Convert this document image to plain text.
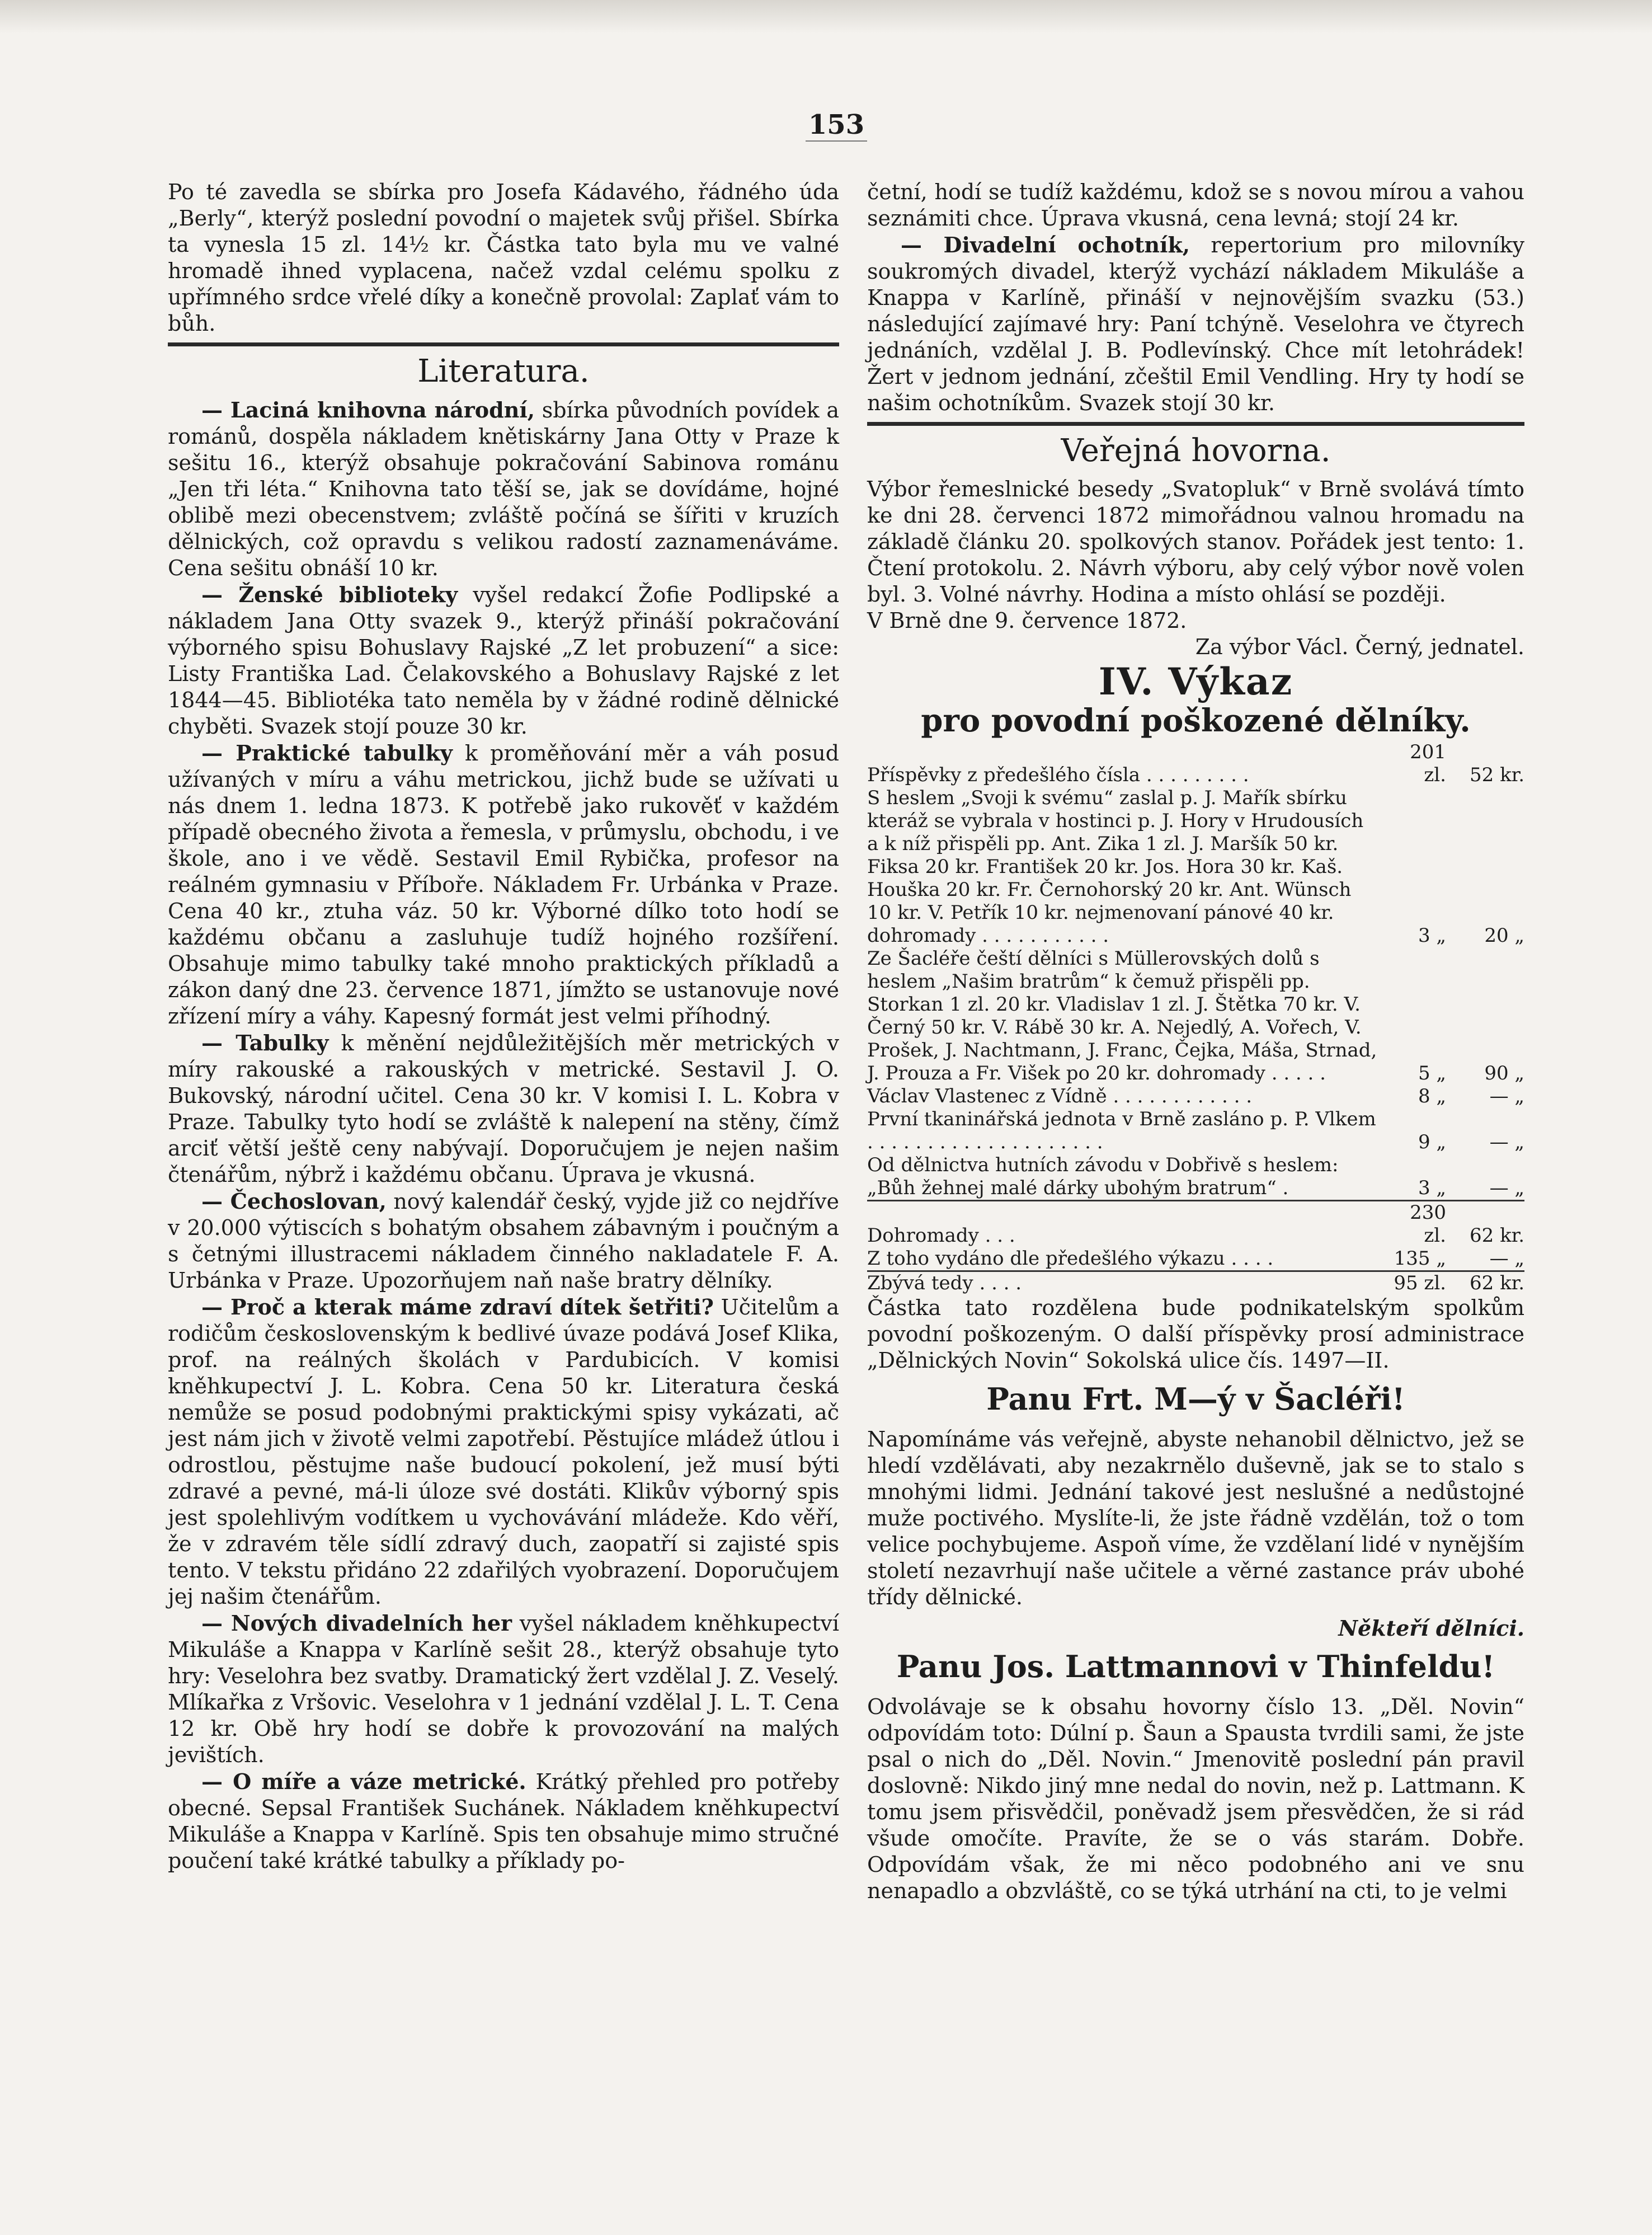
153

Po té zavedla se sbírka pro Josefa Kádavého, řádného úda „Berly“, kterýž poslední povodní o majetek svůj přišel. Sbírka ta vynesla 15 zl. 14½ kr. Částka tato byla mu ve valné hromadě ihned vyplacena, načež vzdal celému spolku z upřímného srdce vřelé díky a konečně provolal: Zaplať vám to bůh.

Literatura.

— Laciná knihovna národní, sbírka původních povídek a románů, dospěla nákladem knětiskárny Jana Otty v Praze k sešitu 16., kterýž obsahuje pokračování Sabinova románu „Jen tři léta.“ Knihovna tato těší se, jak se dovídáme, hojné oblibě mezi obecenstvem; zvláště počíná se šířiti v kruzích dělnických, což opravdu s velikou radostí zaznamenáváme. Cena sešitu obnáší 10 kr.

— Ženské biblioteky vyšel redakcí Žofie Podlipské a nákladem Jana Otty svazek 9., kterýž přináší pokračování výborného spisu Bohuslavy Rajské „Z let probuzení“ a sice: Listy Františka Lad. Čelakovského a Bohuslavy Rajské z let 1844—45. Bibliotéka tato neměla by v žádné rodině dělnické chyběti. Svazek stojí pouze 30 kr.

— Praktické tabulky k proměňování měr a váh posud užívaných v míru a váhu metrickou, jichž bude se užívati u nás dnem 1. ledna 1873. K potřebě jako rukověť v každém případě obecného života a řemesla, v průmyslu, obchodu, i ve škole, ano i ve vědě. Sestavil Emil Rybička, profesor na reálném gymnasiu v Příboře. Nákladem Fr. Urbánka v Praze. Cena 40 kr., ztuha váz. 50 kr. Výborné dílko toto hodí se každému občanu a zasluhuje tudíž hojného rozšíření. Obsahuje mimo tabulky také mnoho praktických příkladů a zákon daný dne 23. července 1871, jímžto se ustanovuje nové zřízení míry a váhy. Kapesný formát jest velmi příhodný.

— Tabulky k měnění nejdůležitějších měr metrických v míry rakouské a rakouských v metrické. Sestavil J. O. Bukovský, národní učitel. Cena 30 kr. V komisi I. L. Kobra v Praze. Tabulky tyto hodí se zvláště k nalepení na stěny, čímž arciť větší ještě ceny nabývají. Doporučujem je nejen našim čtenářům, nýbrž i každému občanu. Úprava je vkusná.

— Čechoslovan, nový kalendář český, vyjde již co nejdříve v 20.000 výtiscích s bohatým obsahem zábavným i poučným a s četnými illustracemi nákladem činného nakladatele F. A. Urbánka v Praze. Upozorňujem naň naše bratry dělníky.

— Proč a kterak máme zdraví dítek šetřiti? Učitelům a rodičům československým k bedlivé úvaze podává Josef Klika, prof. na reálných školách v Pardubicích. V komisi kněhkupectví J. L. Kobra. Cena 50 kr. Literatura česká nemůže se posud podobnými praktickými spisy vykázati, ač jest nám jich v životě velmi zapotřebí. Pěstujíce mládež útlou i odrostlou, pěstujme naše budoucí pokolení, jež musí býti zdravé a pevné, má-li úloze své dostáti. Klikův výborný spis jest spolehlivým vodítkem u vychovávání mládeže. Kdo věří, že v zdravém těle sídlí zdravý duch, zaopatří si zajisté spis tento. V tekstu přidáno 22 zdařilých vyobrazení. Doporučujem jej našim čtenářům.

— Nových divadelních her vyšel nákladem kněhkupectví Mikuláše a Knappa v Karlíně sešit 28., kterýž obsahuje tyto hry: Veselohra bez svatby. Dramatický žert vzdělal J. Z. Veselý. Mlíkařka z Vršovic. Veselohra v 1 jednání vzdělal J. L. T. Cena 12 kr. Obě hry hodí se dobře k provozování na malých jevištích.

— O míře a váze metrické. Krátký přehled pro potřeby obecné. Sepsal František Suchánek. Nákladem kněhkupectví Mikuláše a Knappa v Karlíně. Spis ten obsahuje mimo stručné poučení také krátké tabulky a příklady po-

četní, hodí se tudíž každému, kdož se s novou mírou a vahou seznámiti chce. Úprava vkusná, cena levná; stojí 24 kr.

— Divadelní ochotník, repertorium pro milovníky soukromých divadel, kterýž vychází nákladem Mikuláše a Knappa v Karlíně, přináší v nejnovějším svazku (53.) následující zajímavé hry: Paní tchýně. Veselohra ve čtyrech jednáních, vzdělal J. B. Podlevínský. Chce mít letohrádek! Žert v jednom jednání, zčeštil Emil Vendling. Hry ty hodí se našim ochotníkům. Svazek stojí 30 kr.

Veřejná hovorna.

Výbor řemeslnické besedy „Svatopluk“ v Brně svolává tímto ke dni 28. červenci 1872 mimořádnou valnou hromadu na základě článku 20. spolkových stanov. Pořádek jest tento: 1. Čtení protokolu. 2. Návrh výboru, aby celý výbor nově volen byl. 3. Volné návrhy. Hodina a místo ohlásí se později.

V Brně dne 9. července 1872.

Za výbor Václ. Černý, jednatel.

IV. Výkaz
pro povodní poškozené dělníky.
Příspěvky z předešlého čísla . . . . . . . . .	201 zl.	52 kr.
S heslem „Svoji k svému“ zaslal p. J. Mařík sbírku kteráž se vybrala v hostinci p. J. Hory v Hrudousích a k níž přispěli pp. Ant. Zika 1 zl. J. Maršík 50 kr. Fiksa 20 kr. František 20 kr. Jos. Hora 30 kr. Kaš. Houška 20 kr. Fr. Černohorský 20 kr. Ant. Wünsch 10 kr. V. Petřík 10 kr. nejmenovaní pánové 40 kr. dohromady . . . . . . . . . . .	3 „	20 „
Ze Šacléře čeští dělníci s Müllerovských dolů s heslem „Našim bratrům“ k čemuž přispěli pp. Storkan 1 zl. 20 kr. Vladislav 1 zl. J. Štětka 70 kr. V. Černý 50 kr. V. Rábě 30 kr. A. Nejedlý, A. Vořech, V. Prošek, J. Nachtmann, J. Franc, Čejka, Máša, Strnad, J. Prouza a Fr. Višek po 20 kr. dohromady . . . . .	5 „	90 „
Václav Vlastenec z Vídně . . . . . . . . . . . .	8 „	— „
První tkaninářská jednota v Brně zasláno p. P. Vlkem . . . . . . . . . . . . . . . . . . . .	9 „	— „
Od dělnictva hutních závodu v Dobřivě s heslem: „Bůh žehnej malé dárky ubohým bratrum“ .	3 „	— „
Dohromady . . .	230 zl.	62 kr.
Z toho vydáno dle předešlého výkazu . . . .	135 „	— „
Zbývá tedy . . . .	95 zl.	62 kr.

Částka tato rozdělena bude podnikatelským spolkům povodní poškozeným. O další příspěvky prosí administrace „Dělnických Novin“ Sokolská ulice čís. 1497—II.

Panu Frt. M—ý v Šacléři!

Napomínáme vás veřejně, abyste nehanobil dělnictvo, jež se hledí vzdělávati, aby nezakrnělo duševně, jak se to stalo s mnohými lidmi. Jednání takové jest neslušné a nedůstojné muže poctivého. Myslíte-li, že jste řádně vzdělán, tož o tom velice pochybujeme. Aspoň víme, že vzdělaní lidé v nynějším století nezavrhují naše učitele a věrné zastance práv ubohé třídy dělnické.

Někteří dělníci.

Panu Jos. Lattmannovi v Thinfeldu!

Odvolávaje se k obsahu hovorny číslo 13. „Děl. Novin“ odpovídám toto: Dúlní p. Šaun a Spausta tvrdili sami, že jste psal o nich do „Děl. Novin.“ Jmenovitě poslední pán pravil doslovně: Nikdo jiný mne nedal do novin, než p. Lattmann. K tomu jsem přisvědčil, poněvadž jsem přesvědčen, že si rád všude omočíte. Pravíte, že se o vás starám. Dobře. Odpovídám však, že mi něco podobného ani ve snu nenapadlo a obzvláště, co se týká utrhání na cti, to je velmi
